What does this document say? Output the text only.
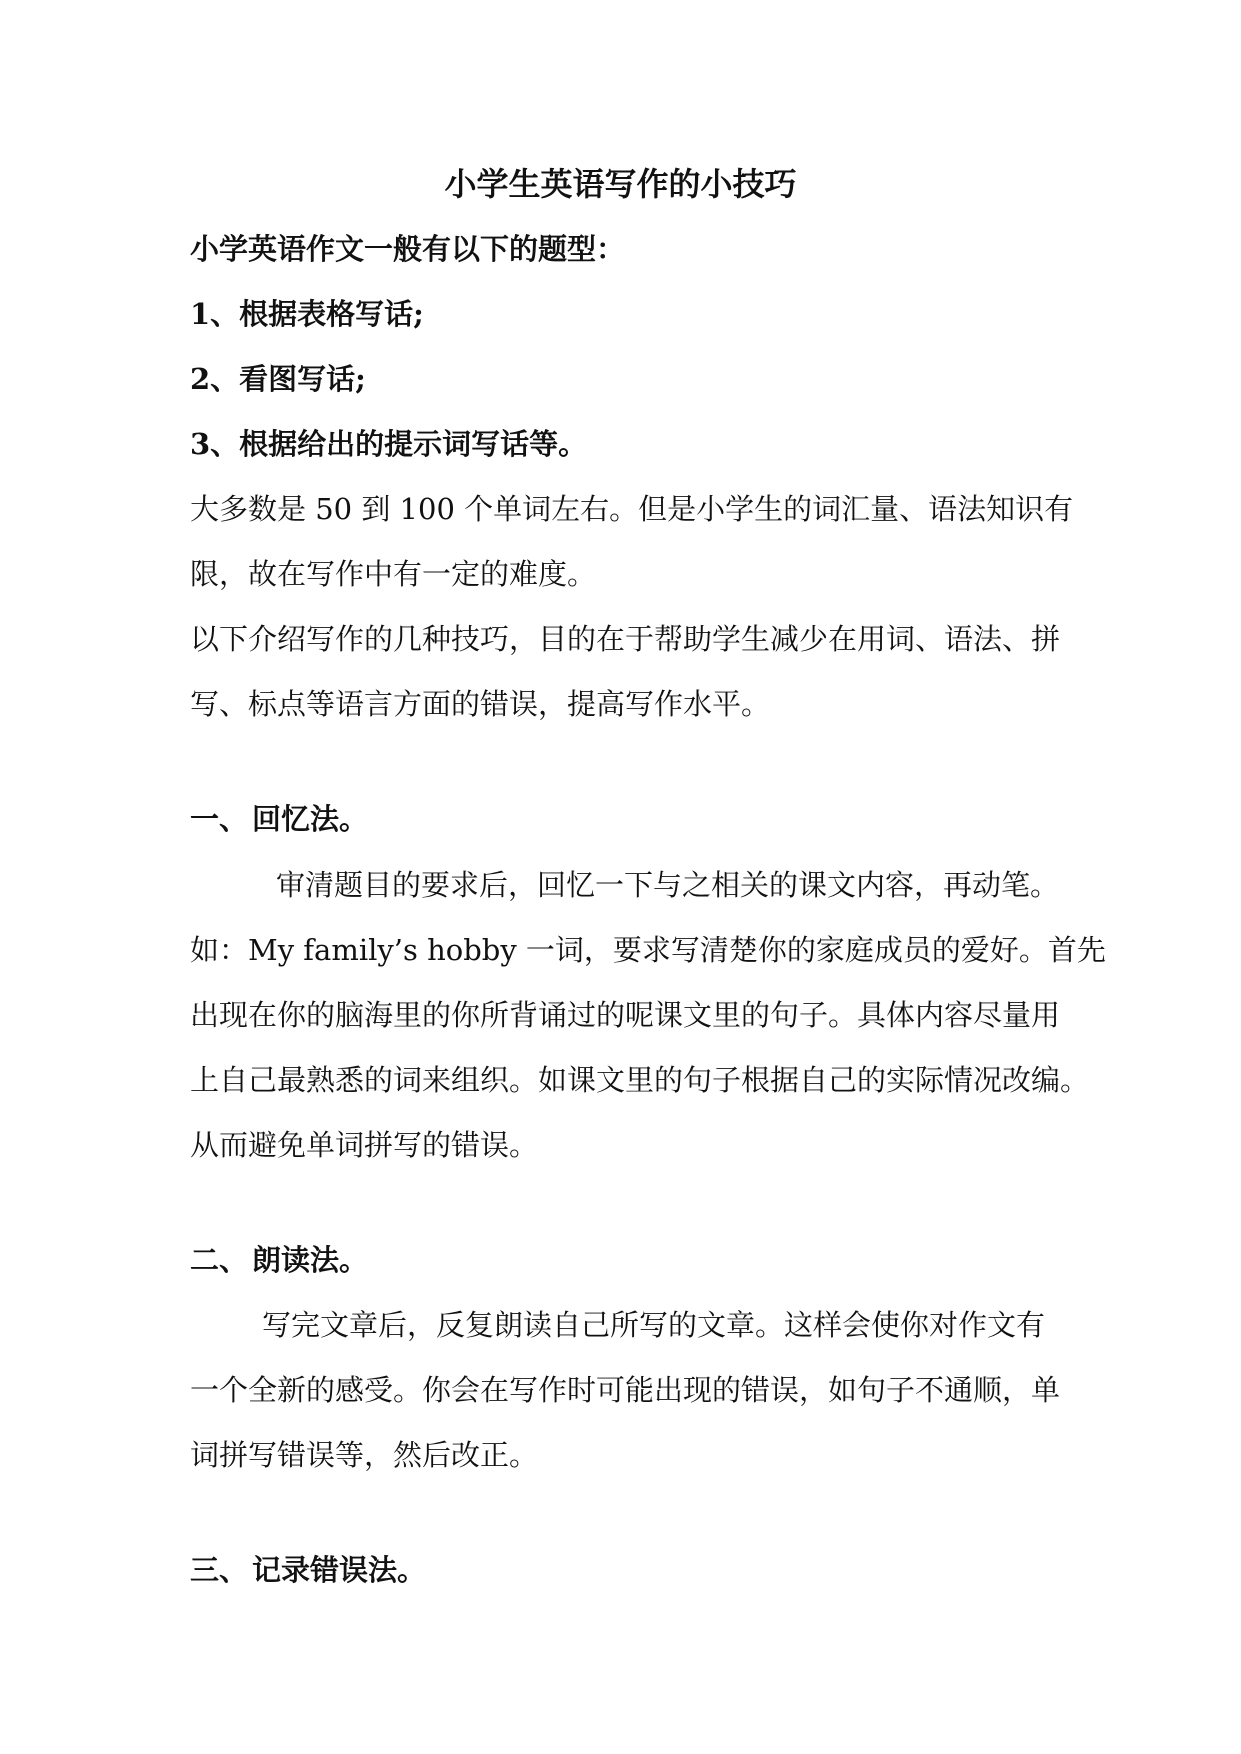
小学生英语写作的小技巧
小学英语作文一般有以下的题型：
1、根据表格写话;
2、看图写话;
3、根据给出的提示词写话等。
大多数是 50 到 100 个单词左右。但是小学生的词汇量、语法知识有
限，故在写作中有一定的难度。
以下介绍写作的几种技巧，目的在于帮助学生减少在用词、语法、拼
写、标点等语言方面的错误，提高写作水平。
一、 回忆法。
审清题目的要求后，回忆一下与之相关的课文内容，再动笔。
如：My family’s hobby 一词，要求写清楚你的家庭成员的爱好。首先
出现在你的脑海里的你所背诵过的呢课文里的句子。具体内容尽量用
上自己最熟悉的词来组织。如课文里的句子根据自己的实际情况改编。
从而避免单词拼写的错误。
二、 朗读法。
写完文章后，反复朗读自己所写的文章。这样会使你对作文有
一个全新的感受。你会在写作时可能出现的错误，如句子不通顺，单
词拼写错误等，然后改正。
三、 记录错误法。
